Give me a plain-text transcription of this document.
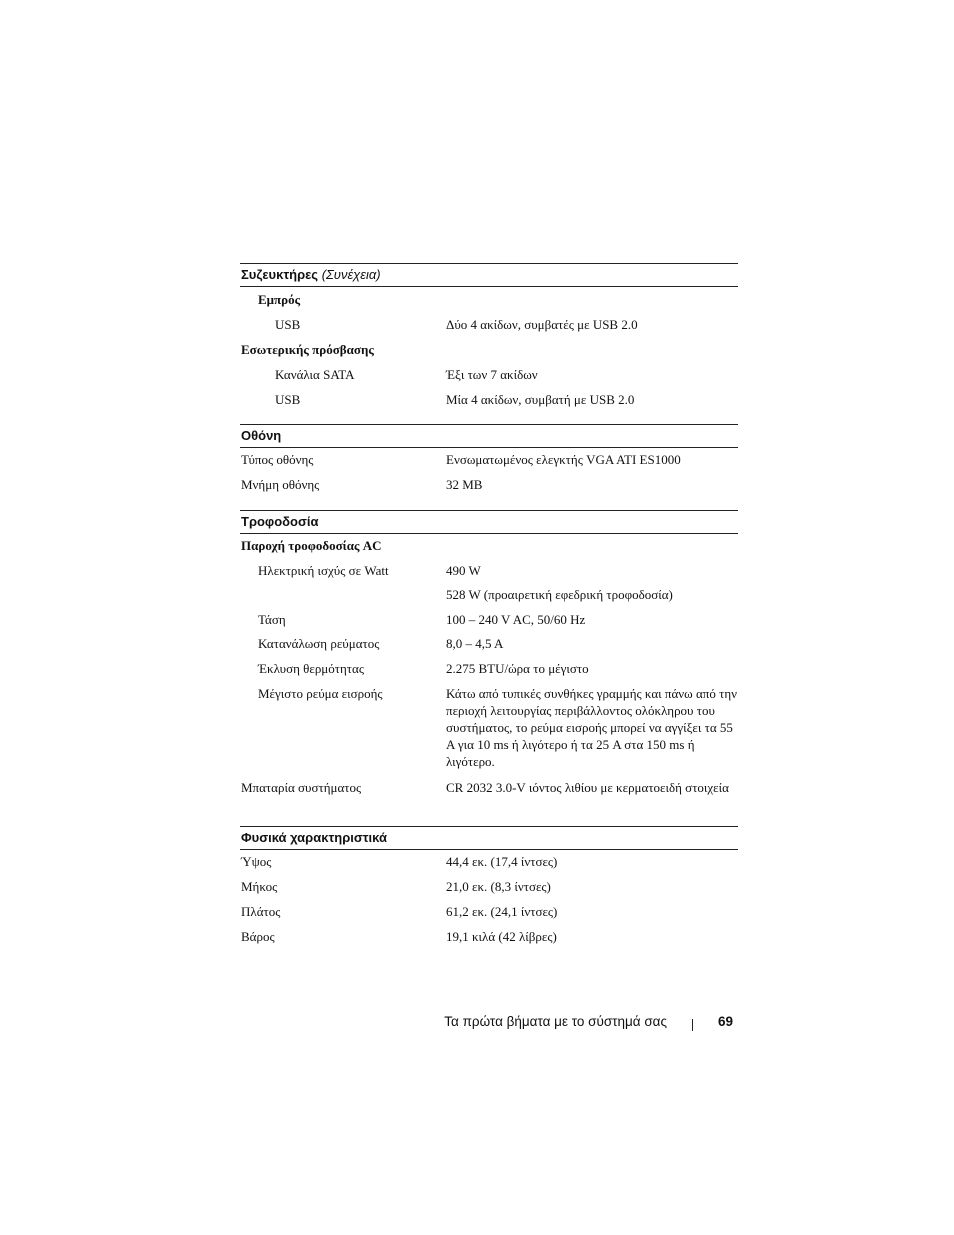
Συζευκτήρες (Συνέχεια)
Εμπρός
USB	Δύο 4 ακίδων, συμβατές με USB 2.0
Εσωτερικής πρόσβασης
Κανάλια SATA	Έξι των 7 ακίδων
USB	Μία 4 ακίδων, συμβατή με USB 2.0
Οθόνη
Τύπος οθόνης	Ενσωματωμένος ελεγκτής VGA ATI ES1000
Μνήμη οθόνης	32 MB
Τροφοδοσία
Παροχή τροφοδοσίας AC
Ηλεκτρική ισχύς σε Watt	490 W
528 W (προαιρετική εφεδρική τροφοδοσία)
Τάση	100 – 240 V AC, 50/60 Hz
Κατανάλωση ρεύματος	8,0 – 4,5 A
Έκλυση θερμότητας	2.275 BTU/ώρα το μέγιστο
Μέγιστο ρεύμα εισροής	Κάτω από τυπικές συνθήκες γραμμής και πάνω από την περιοχή λειτουργίας περιβάλλοντος ολόκληρου του συστήματος, το ρεύμα εισροής μπορεί να αγγίξει τα 55 A για 10 ms ή λιγότερο ή τα 25 A στα 150 ms ή λιγότερο.
Μπαταρία συστήματος	CR 2032 3.0-V ιόντος λιθίου με κερματοειδή στοιχεία
Φυσικά χαρακτηριστικά
Ύψος	44,4 εκ. (17,4 ίντσες)
Μήκος	21,0 εκ. (8,3 ίντσες)
Πλάτος	61,2 εκ. (24,1 ίντσες)
Βάρος	19,1 κιλά (42 λίβρες)
Τα πρώτα βήματα με το σύστημά σας	69
